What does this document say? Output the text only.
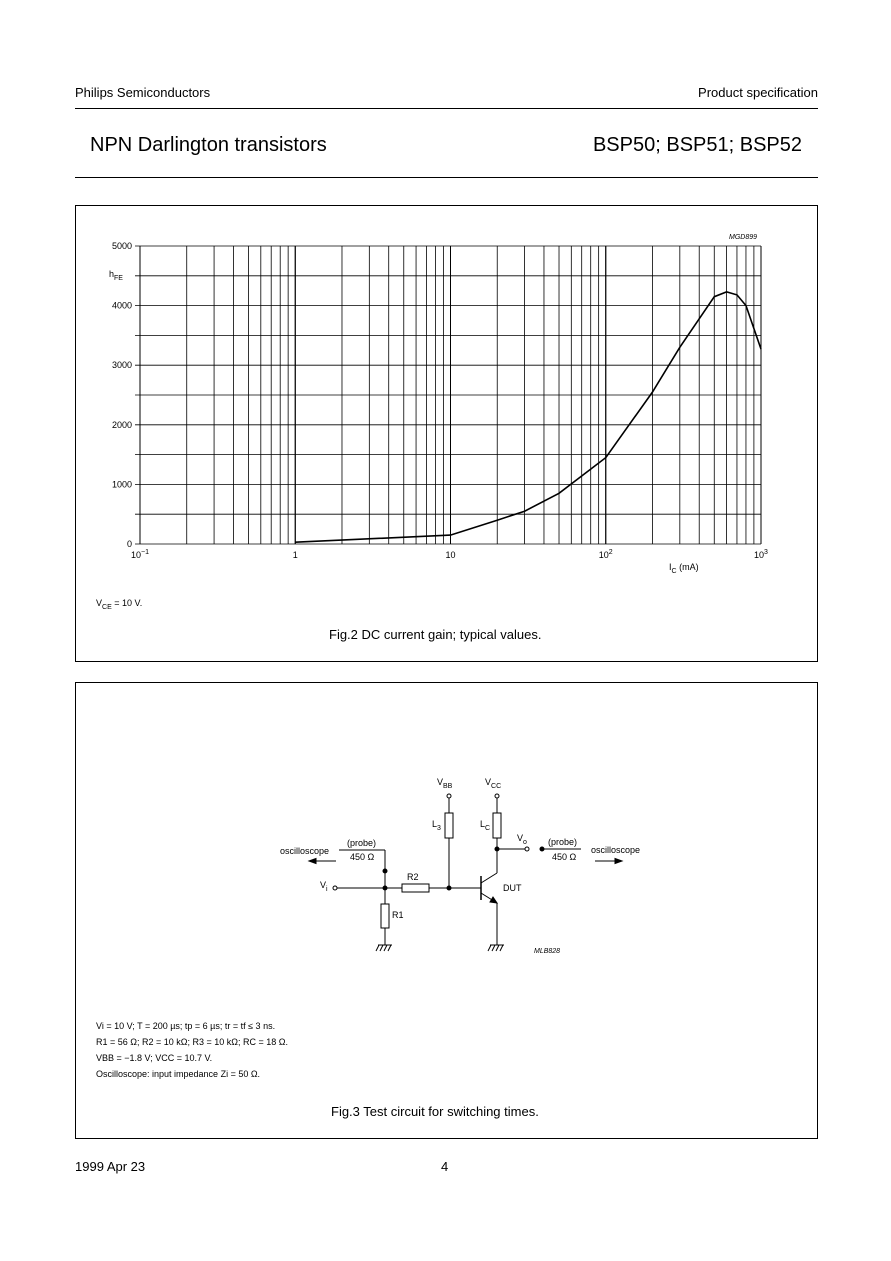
Philips Semiconductors	Product specification
NPN Darlington transistors	BSP50; BSP51; BSP52
0
1000
2000
3000
4000
5000
$10^{-1}$	1	10	$10^2$	$10^3$
MGD899
$h_{FE}$
$I_C$ (mA)
$V_{CE} = 10$ V.
Fig.2 DC current gain; typical values.
$V_{BB}$	$V_{CC}$
$L_3$	$L_C$
$V_o$
$V_i$
R1
R2
DUT
(probe)
450 Ω
oscilloscope
(probe)
450 Ω
oscilloscope
MLB828
Vi = 10 V; T = 200 µs; tp = 6 µs; tr = tf ≤ 3 ns.
R1 = 56 Ω; R2 = 10 kΩ; R3 = 10 kΩ; RC = 18 Ω.
VBB = −1.8 V; VCC = 10.7 V.
Oscilloscope: input impedance Zi = 50 Ω.
Fig.3 Test circuit for switching times.
1999 Apr 23	4
